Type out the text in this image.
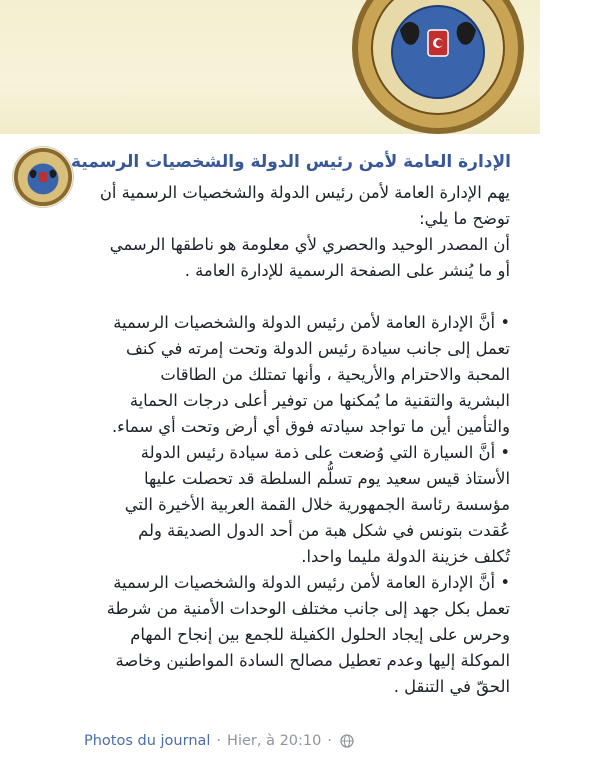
الإدارة العامة لأمن رئيس الدولة والشخصيات الرسمية
يهم الإدارة العامة لأمن رئيس الدولة والشخصيات الرسمية أن
توضح ما يلي:
أن المصدر الوحيد والحصري لأي معلومة هو ناطقها الرسمي
أو ما يُنشر على الصفحة الرسمية للإدارة العامة .
• أنَّ الإدارة العامة لأمن رئيس الدولة والشخصيات الرسمية
تعمل إلى جانب سيادة رئيس الدولة وتحت إمرته في كنف
المحبة والاحترام والأريحية ، وأنها تمتلك من الطاقات
البشرية والتقنية ما يُمكنها من توفير أعلى درجات الحماية
والتأمين أين ما تواجد سيادته فوق أي أرض وتحت أي سماء.
• أنَّ السيارة التي وُضعت على ذمة سيادة رئيس الدولة
الأستاذ قيس سعيد يوم تسلُّم السلطة قد تحصلت عليها
مؤسسة رئاسة الجمهورية خلال القمة العربية الأخيرة التي
عُقدت بتونس في شكل هبة من أحد الدول الصديقة ولم
تُكلف خزينة الدولة مليما واحدا.
• أنَّ الإدارة العامة لأمن رئيس الدولة والشخصيات الرسمية
تعمل بكل جهد إلى جانب مختلف الوحدات الأمنية من شرطة
وحرس على إيجاد الحلول الكفيلة للجمع بين إنجاح المهام
الموكلة إليها وعدم تعطيل مصالح السادة المواطنين وخاصة
الحقّ في التنقل .
Photos du journal · Hier, à 20:10 ·
